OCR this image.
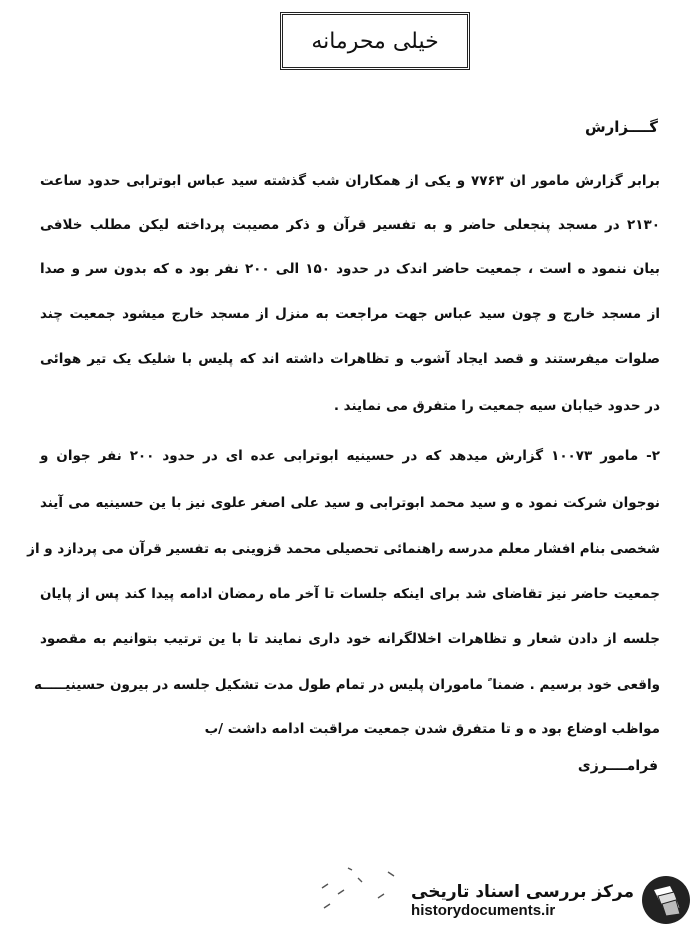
خیلی محرمانه
گــــزارش
برابر گزارش مامور ان ۷۷۶۳ و یکی از همکاران شب گذشته سید عباس ابوترابی حدود ساعت
۲۱۳۰ در مسجد پنجعلی حاضر و به تفسیر قرآن و ذکر مصیبت پرداخته لیکن مطلب خلافی
بیان ننمود ه است ، جمعیت حاضر اندک در حدود ۱۵۰ الی ۲۰۰ نفر بود ه که بدون سر و صدا
از مسجد خارج و چون سید عباس جهت مراجعت به منزل از مسجد خارج میشود جمعیت چند
صلوات میفرستند و قصد ایجاد آشوب و تظاهرات داشته اند که پلیس با شلیک یک تیر هوائی
در حدود خیابان سیه جمعیت را متفرق می نمایند .
۲- مامور ۱۰۰۷۳ گزارش میدهد که در حسینیه ابوترابی عده ای در حدود ۲۰۰ نفر جوان و
نوجوان شرکت نمود ه و سید محمد ابوترابی و سید علی اصغر علوی نیز با ین حسینیه می آیند
شخصی بنام افشار معلم مدرسه راهنمائی تحصیلی محمد قزوینی به تفسیر قرآن می پردازد و از
جمعیت حاضر نیز تقاضای شد برای اینکه جلسات تا آخر ماه رمضان ادامه پیدا کند پس از پایان
جلسه از دادن شعار و تظاهرات اخلالگرانه خود داری نمایند تا با ین ترتیب بتوانیم به مقصود
واقعی خود برسیم . ضمنا ً ماموران پلیس در تمام طول مدت تشکیل جلسه در بیرون حسینیـــــه
مواظب اوضاع بود ه و تا متفرق شدن جمعیت مراقبت ادامه داشت /ب
فرامــــرزی
مرکز بررسی اسناد تاریخی
historydocuments.ir
